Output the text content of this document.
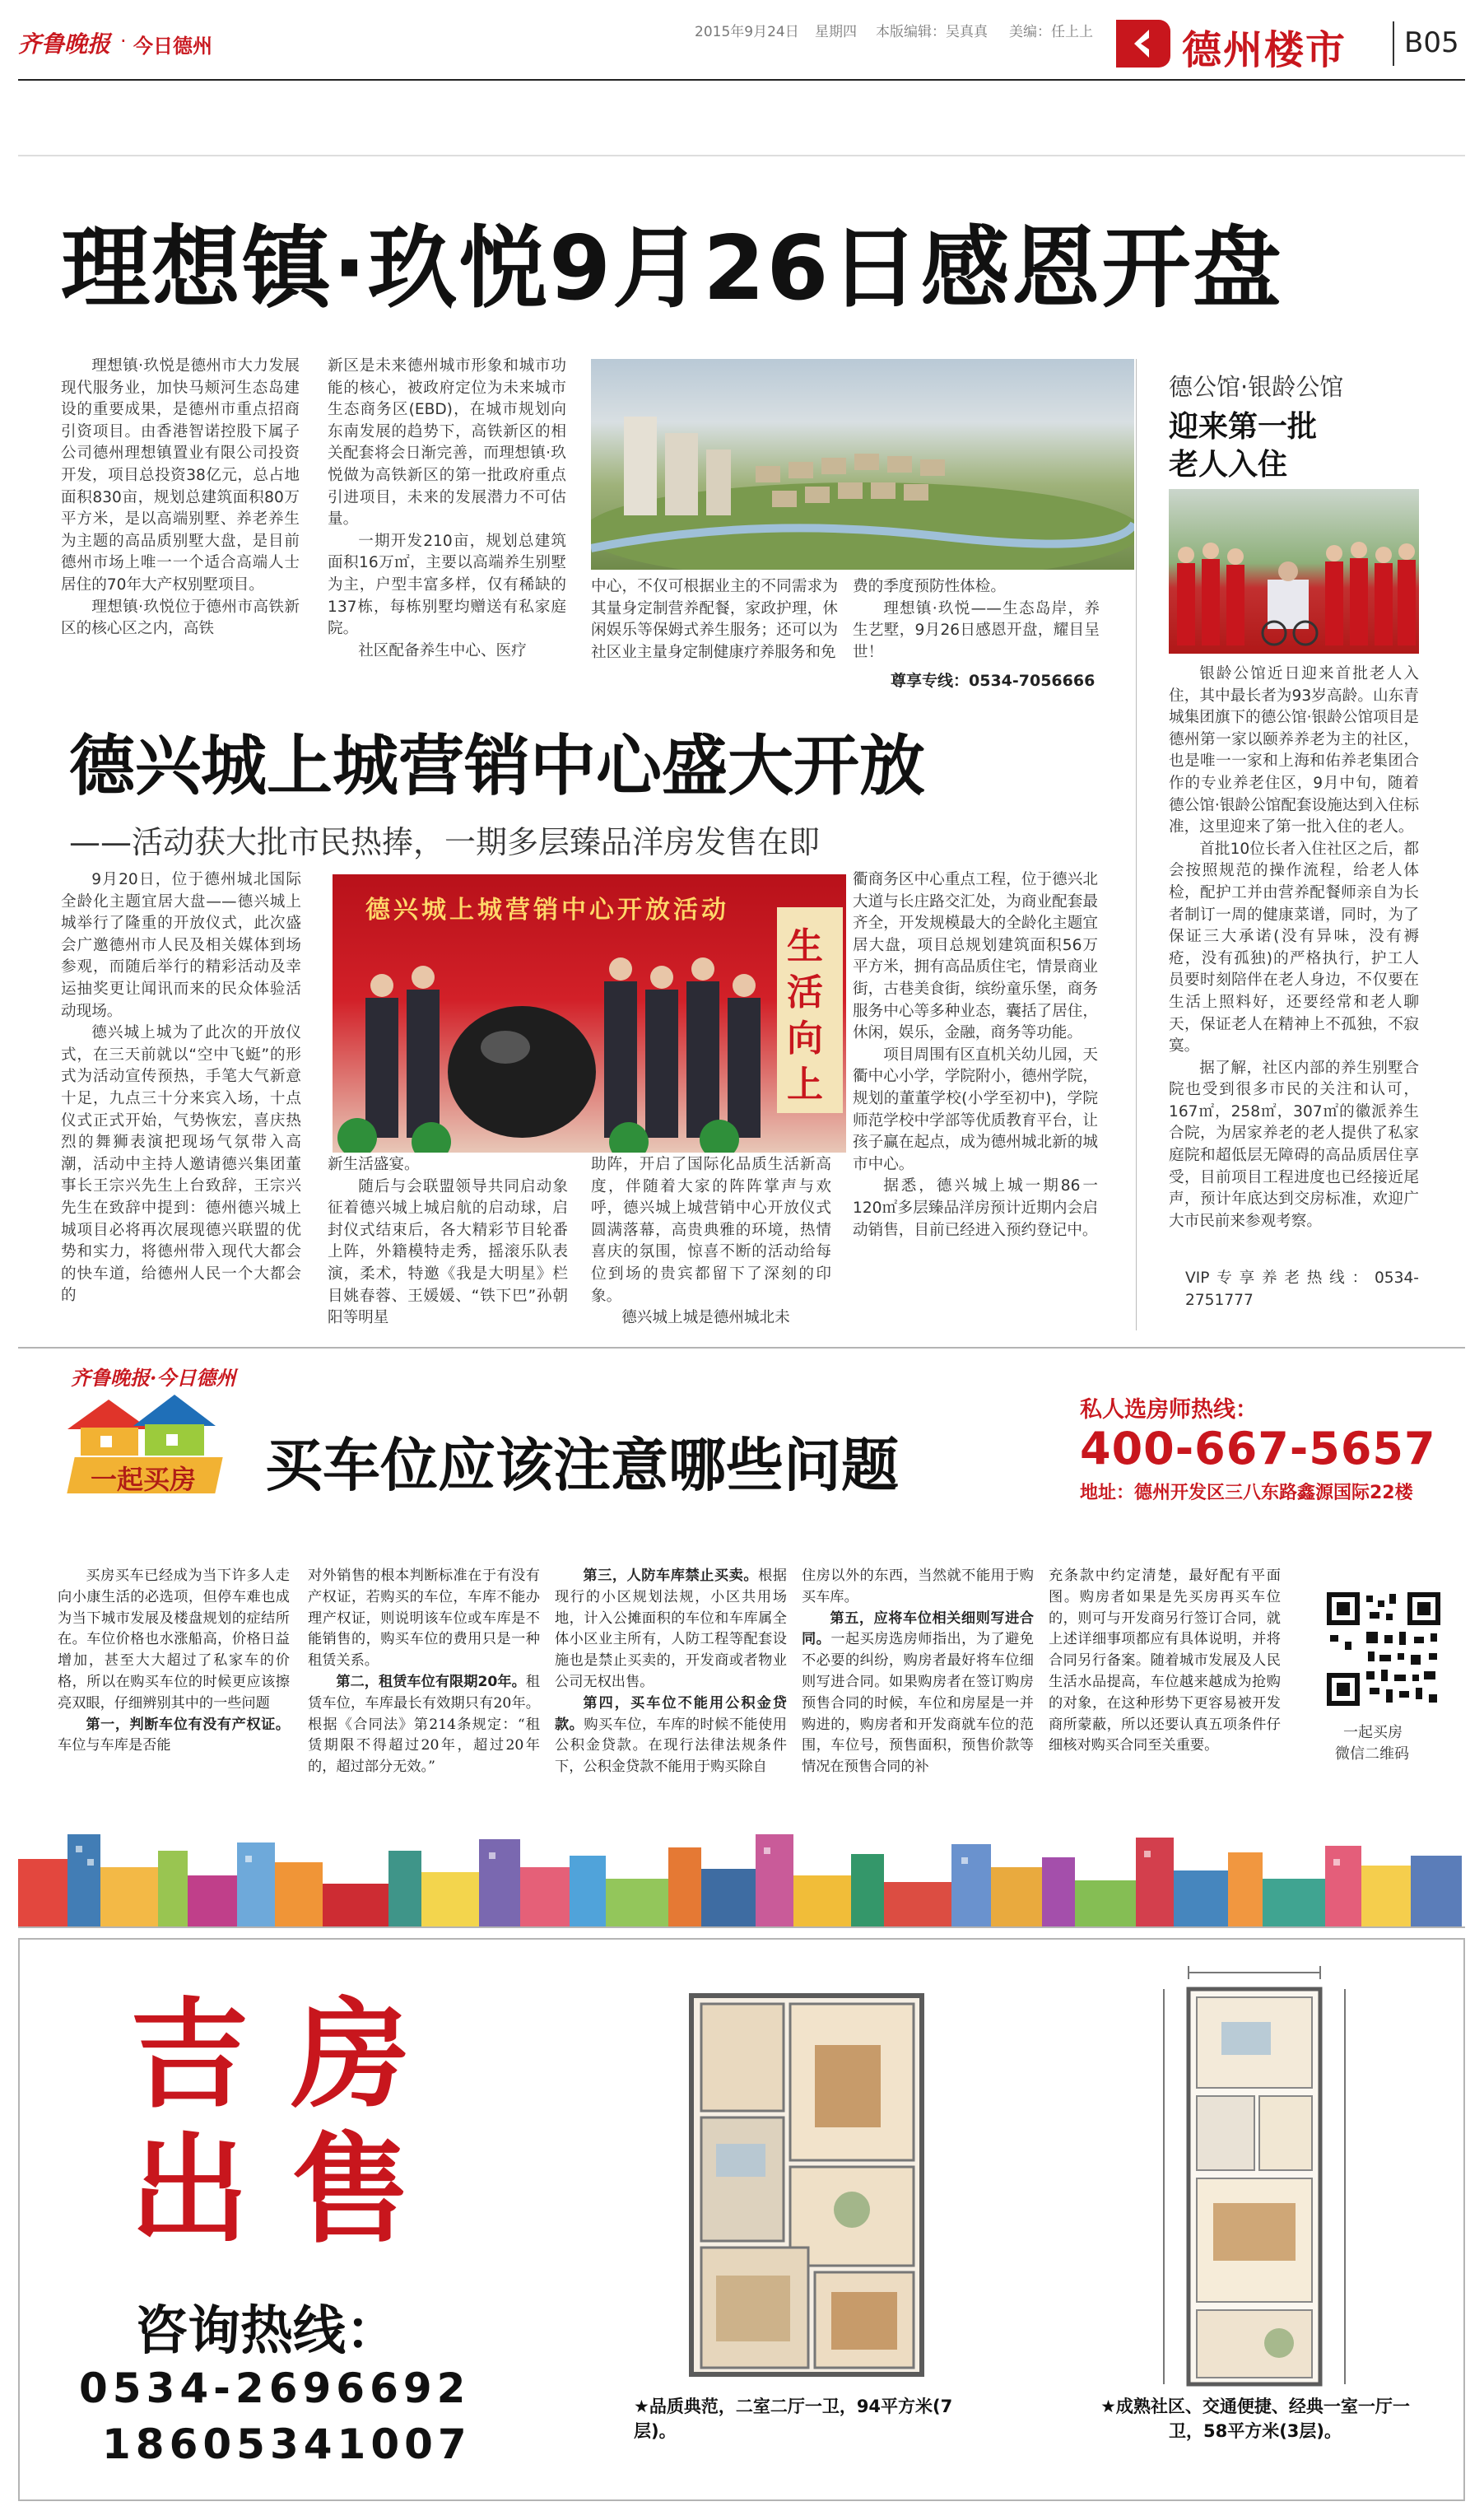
齐鲁晚报 · 今日德州
2015年9月24日 星期四 本版编辑：吴真真 美编：任上上 德州楼市 B05
理想镇·玖悦9月26日感恩开盘

理想镇·玖悦是德州市大力发展现代服务业，加快马颊河生态岛建设的重要成果，是德州市重点招商引资项目。由香港智诺控股下属子公司德州理想镇置业有限公司投资开发，项目总投资38亿元，总占地面积830亩，规划总建筑面积80万平方米，是以高端别墅、养老养生为主题的高品质别墅大盘，是目前德州市场上唯一一个适合高端人士居住的70年大产权别墅项目。

理想镇·玖悦位于德州市高铁新区的核心区之内，高铁

新区是未来德州城市形象和城市功能的核心，被政府定位为未来城市生态商务区(EBD)，在城市规划向东南发展的趋势下，高铁新区的相关配套将会日渐完善，而理想镇·玖悦做为高铁新区的第一批政府重点引进项目，未来的发展潜力不可估量。

一期开发210亩，规划总建筑面积16万㎡，主要以高端养生别墅为主，户型丰富多样，仅有稀缺的137栋，每栋别墅均赠送有私家庭院。

社区配备养生中心、医疗

中心，不仅可根据业主的不同需求为其量身定制营养配餐，家政护理，休闲娱乐等保姆式养生服务；还可以为社区业主量身定制健康疗养服务和免

费的季度预防性体检。

理想镇·玖悦——生态岛岸，养生艺墅，9月26日感恩开盘，耀目呈世！

尊享专线：0534-7056666
德兴城上城营销中心盛大开放
——活动获大批市民热捧，一期多层臻品洋房发售在即

9月20日，位于德州城北国际全龄化主题宜居大盘——德兴城上城举行了隆重的开放仪式，此次盛会广邀德州市人民及相关媒体到场参观，而随后举行的精彩活动及幸运抽奖更让闻讯而来的民众体验活动现场。

德兴城上城为了此次的开放仪式，在三天前就以“空中飞蜓”的形式为活动宣传预热，手笔大气新意十足，九点三十分来宾入场，十点仪式正式开始，气势恢宏，喜庆热烈的舞狮表演把现场气氛带入高潮，活动中主持人邀请德兴集团董事长王宗兴先生上台致辞，王宗兴先生在致辞中提到：德州德兴城上城项目必将再次展现德兴联盟的优势和实力，将德州带入现代大都会的快车道，给德州人民一个大都会的

德兴城上城营销中心开放活动
生活向上

新生活盛宴。

随后与会联盟领导共同启动象征着德兴城上城启航的启动球，启封仪式结束后，各大精彩节目轮番上阵，外籍模特走秀，摇滚乐队表演，柔术，特邀《我是大明星》栏目姚春蓉、王媛媛、“铁下巴”孙朝阳等明星

助阵，开启了国际化品质生活新高度，伴随着大家的阵阵掌声与欢呼，德兴城上城营销中心开放仪式圆满落幕，高贵典雅的环境，热情喜庆的氛围，惊喜不断的活动给每位到场的贵宾都留下了深刻的印象。

德兴城上城是德州城北未

衢商务区中心重点工程，位于德兴北大道与长庄路交汇处，为商业配套最齐全，开发规模最大的全龄化主题宜居大盘，项目总规划建筑面积56万平方米，拥有高品质住宅，情景商业街，古巷美食街，缤纷童乐堡，商务服务中心等多种业态，囊括了居住，休闲，娱乐，金融，商务等功能。

项目周围有区直机关幼儿园，天衢中心小学，学院附小，德州学院，规划的董董学校(小学至初中)，学院师范学校中学部等优质教育平台，让孩子赢在起点，成为德州城北新的城市中心。

据悉，德兴城上城一期86一120㎡多层臻品洋房预计近期内会启动销售，目前已经进入预约登记中。

德公馆·银龄公馆
迎来第一批
老人入住

银龄公馆近日迎来首批老人入住，其中最长者为93岁高龄。山东青城集团旗下的德公馆·银龄公馆项目是德州第一家以颐养养老为主的社区，也是唯一一家和上海和佑养老集团合作的专业养老住区，9月中旬，随着德公馆·银龄公馆配套设施达到入住标准，这里迎来了第一批入住的老人。

首批10位长者入住社区之后，都会按照规范的操作流程，给老人体检，配护工并由营养配餐师亲自为长者制订一周的健康菜谱，同时，为了保证三大承诺(没有异味，没有褥疮，没有孤独)的严格执行，护工人员要时刻陪伴在老人身边，不仅要在生活上照料好，还要经常和老人聊天，保证老人在精神上不孤独，不寂寞。

据了解，社区内部的养生别墅合院也受到很多市民的关注和认可，167㎡，258㎡，307㎡的徽派养生合院，为居家养老的老人提供了私家庭院和超低层无障碍的高品质居住享受，目前项目工程进度也已经接近尾声，预计年底达到交房标准，欢迎广大市民前来参观考察。

VIP专享养老热线：0534-2751777
齐鲁晚报·今日德州
一起买房 买车位应该注意哪些问题
私人选房师热线：
400-667-5657
地址：德州开发区三八东路鑫源国际22楼

买房买车已经成为当下许多人走向小康生活的必选项，但停车难也成为当下城市发展及楼盘规划的症结所在。车位价格也水涨船高，价格日益增加，甚至大大超过了私家车的价格，所以在购买车位的时候更应该擦亮双眼，仔细辨别其中的一些问题

第一，判断车位有没有产权证。车位与车库是否能

对外销售的根本判断标准在于有没有产权证，若购买的车位，车库不能办理产权证，则说明该车位或车库是不能销售的，购买车位的费用只是一种租赁关系。

第二，租赁车位有限期20年。租赁车位，车库最长有效期只有20年。根据《合同法》第214条规定：“租赁期限不得超过20年，超过20年的，超过部分无效。”

第三，人防车库禁止买卖。根据现行的小区规划法规，小区共用场地，计入公摊面积的车位和车库属全体小区业主所有，人防工程等配套设施也是禁止买卖的，开发商或者物业公司无权出售。

第四，买车位不能用公积金贷款。购买车位，车库的时候不能使用公积金贷款。在现行法律法规条件下，公积金贷款不能用于购买除自

住房以外的东西，当然就不能用于购买车库。

第五，应将车位相关细则写进合同。一起买房选房师指出，为了避免不必要的纠纷，购房者最好将车位细则写进合同。如果购房者在签订购房预售合同的时候，车位和房屋是一并购进的，购房者和开发商就车位的范围，车位号，预售面积，预售价款等情况在预售合同的补

充条款中约定清楚，最好配有平面图。购房者如果是先买房再买车位的，则可与开发商另行签订合同，就上述详细事项都应有具体说明，并将合同另行备案。随着城市发展及人民生活水品提高，车位越来越成为抢购的对象，在这种形势下更容易被开发商所蒙蔽，所以还要认真五项条件仔细核对购买合同至关重要。

一起买房
微信二维码
吉 房
出 售
咨询热线：
0534-2696692
18605341007
★品质典范，二室二厅一卫，94平方米(7层)。
★成熟社区、交通便捷、经典一室一厅一卫，58平方米(3层)。
